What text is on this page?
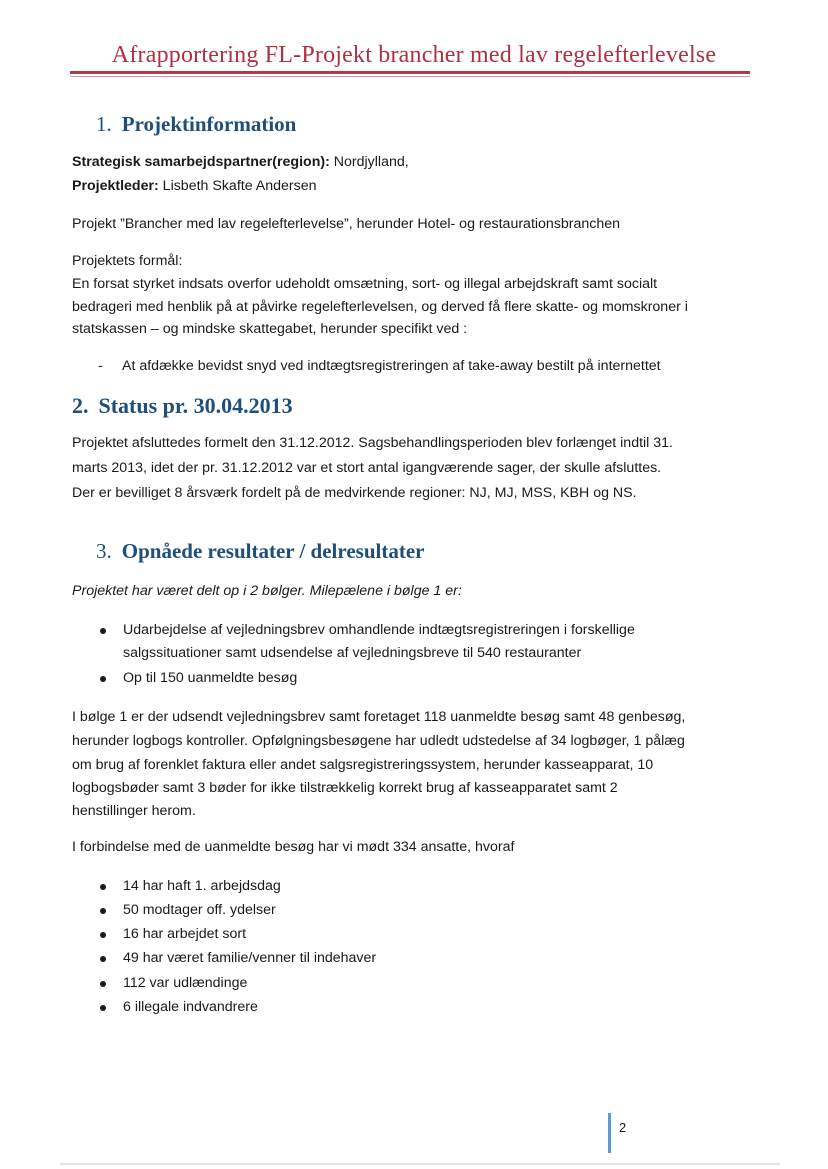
Afrapportering FL-Projekt brancher med lav regelefterlevelse
1. Projektinformation
Strategisk samarbejdspartner(region): Nordjylland,
Projektleder: Lisbeth Skafte Andersen
Projekt ”Brancher med lav regelefterlevelse”, herunder Hotel- og restaurationsbranchen
Projektets formål:
En forsat styrket indsats overfor udeholdt omsætning, sort- og illegal arbejdskraft samt socialt
bedrageri med henblik på at påvirke regelefterlevelsen, og derved få flere skatte- og momskroner i
statskassen – og mindske skattegabet, herunder specifikt ved :
- At afdække bevidst snyd ved indtægtsregistreringen af take-away bestilt på internettet
2. Status pr. 30.04.2013
Projektet afsluttedes formelt den 31.12.2012. Sagsbehandlingsperioden blev forlænget indtil 31.
marts 2013, idet der pr. 31.12.2012 var et stort antal igangværende sager, der skulle afsluttes.
Der er bevilliget 8 årsværk fordelt på de medvirkende regioner: NJ, MJ, MSS, KBH og NS.
3. Opnåede resultater / delresultater
Projektet har været delt op i 2 bølger. Milepælene i bølge 1 er:
Udarbejdelse af vejledningsbrev omhandlende indtægtsregistreringen i forskellige
salgssituationer samt udsendelse af vejledningsbreve til 540 restauranter
Op til 150 uanmeldte besøg
I bølge 1 er der udsendt vejledningsbrev samt foretaget 118 uanmeldte besøg samt 48 genbesøg,
herunder logbogs kontroller. Opfølgningsbesøgene har udledt udstedelse af 34 logbøger, 1 pålæg
om brug af forenklet faktura eller andet salgsregistreringssystem, herunder kasseapparat, 10
logbogsbøder samt 3 bøder for ikke tilstrækkelig korrekt brug af kasseapparatet samt 2
henstillinger herom.
I forbindelse med de uanmeldte besøg har vi mødt 334 ansatte, hvoraf
14 har haft 1. arbejdsdag
50 modtager off. ydelser
16 har arbejdet sort
49 har været familie/venner til indehaver
112 var udlændinge
6 illegale indvandrere
2
